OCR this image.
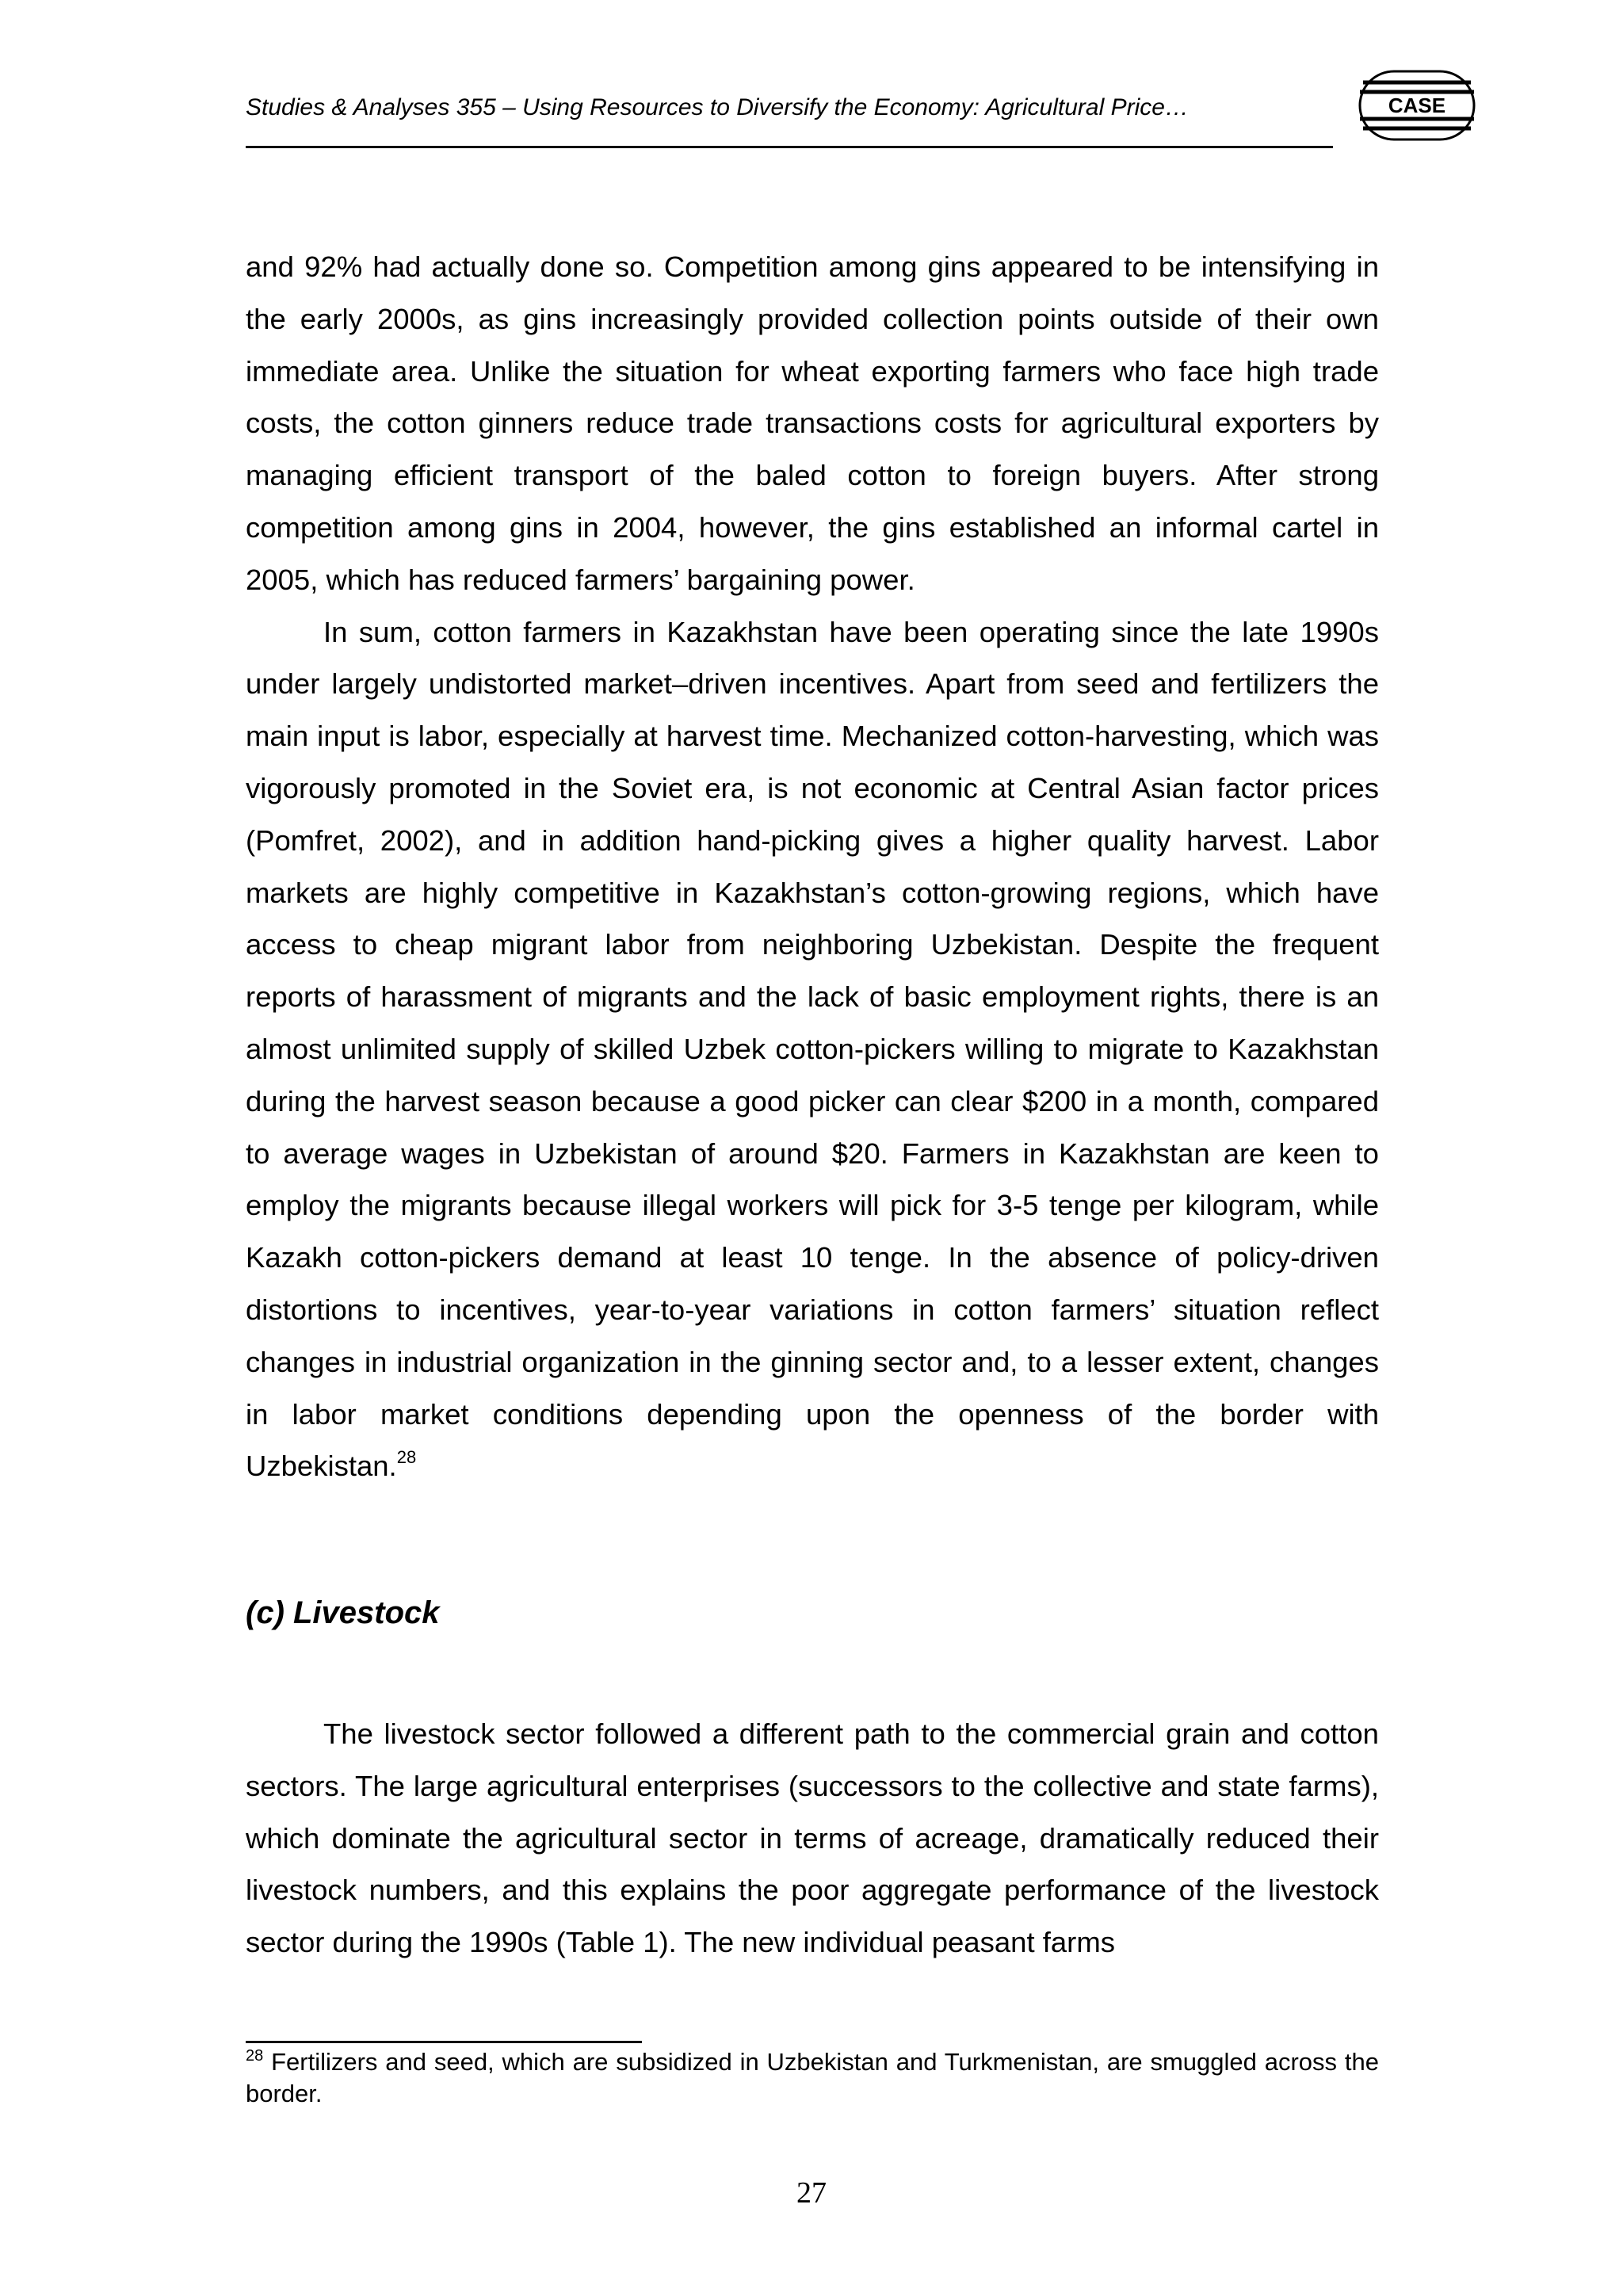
Studies & Analyses 355 – Using Resources to Diversify the Economy: Agricultural Price…	CASE

and 92% had actually done so. Competition among gins appeared to be intensifying in the early 2000s, as gins increasingly provided collection points outside of their own immediate area. Unlike the situation for wheat exporting farmers who face high trade costs, the cotton ginners reduce trade transactions costs for agricultural exporters by managing efficient transport of the baled cotton to foreign buyers. After strong competition among gins in 2004, however, the gins established an informal cartel in 2005, which has reduced farmers’ bargaining power.

In sum, cotton farmers in Kazakhstan have been operating since the late 1990s under largely undistorted market–driven incentives. Apart from seed and fertilizers the main input is labor, especially at harvest time. Mechanized cotton-harvesting, which was vigorously promoted in the Soviet era, is not economic at Central Asian factor prices (Pomfret, 2002), and in addition hand-picking gives a higher quality harvest. Labor markets are highly competitive in Kazakhstan’s cotton-growing regions, which have access to cheap migrant labor from neighboring Uzbekistan. Despite the frequent reports of harassment of migrants and the lack of basic employment rights, there is an almost unlimited supply of skilled Uzbek cotton-pickers willing to migrate to Kazakhstan during the harvest season because a good picker can clear $200 in a month, compared to average wages in Uzbekistan of around $20. Farmers in Kazakhstan are keen to employ the migrants because illegal workers will pick for 3-5 tenge per kilogram, while Kazakh cotton-pickers demand at least 10 tenge. In the absence of policy-driven distortions to incentives, year-to-year variations in cotton farmers’ situation reflect changes in industrial organization in the ginning sector and, to a lesser extent, changes in labor market conditions depending upon the openness of the border with Uzbekistan.$^{28}$

(c) Livestock

The livestock sector followed a different path to the commercial grain and cotton sectors. The large agricultural enterprises (successors to the collective and state farms), which dominate the agricultural sector in terms of acreage, dramatically reduced their livestock numbers, and this explains the poor aggregate performance of the livestock sector during the 1990s (Table 1). The new individual peasant farms

$^{28}$ Fertilizers and seed, which are subsidized in Uzbekistan and Turkmenistan, are smuggled across the border.
27
